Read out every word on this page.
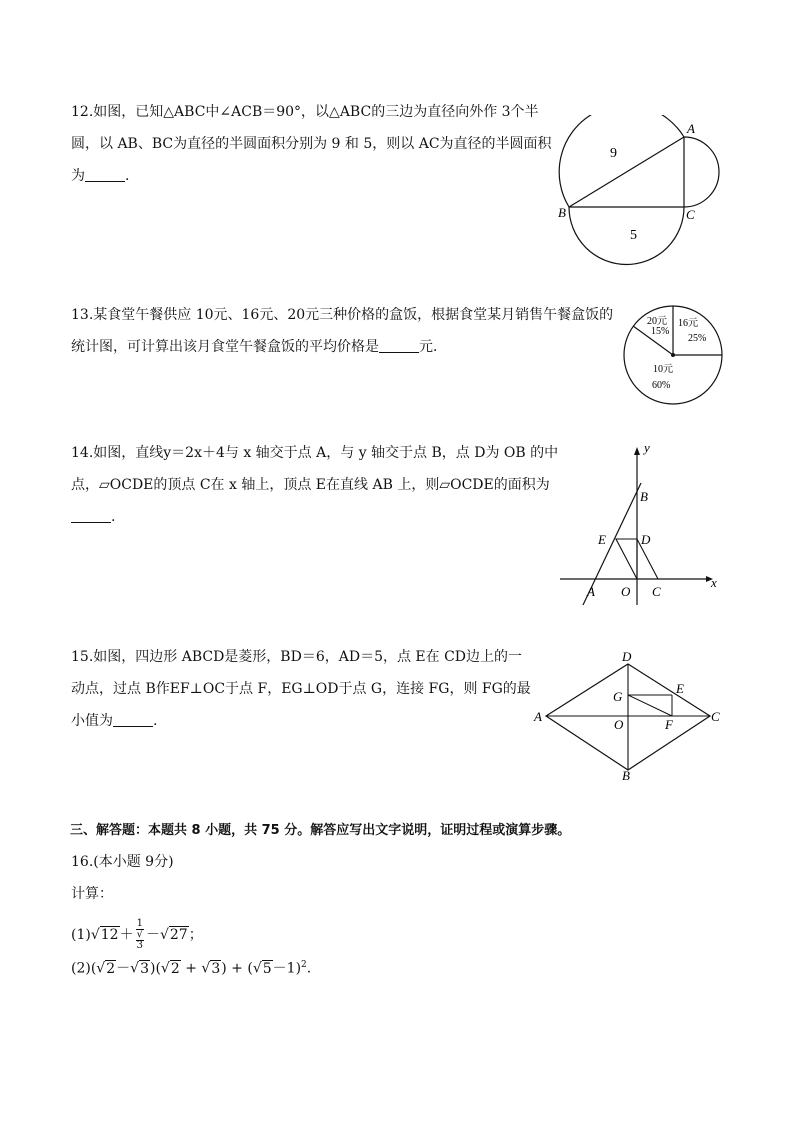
12.如图，已知△ABC中∠ACB＝90°，以△ABC的三边为直径向外作 3个半
圆，以 AB、BC为直径的半圆面积分别为 9 和 5，则以 AC为直径的半圆面积
为	.
9
5
A
B	C
13.某食堂午餐供应 10元、16元、20元三种价格的盒饭，根据食堂某月销售午餐盒饭的
统计图，可计算出该月食堂午餐盒饭的平均价格是	元．
20元
15%
16元
25%
10元
60%
14.如图，直线y＝2x＋4与 x 轴交于点 A，与 y 轴交于点 B，点 D为 OB 的中
点，▱OCDE的顶点 C在 x 轴上，顶点 E在直线 AB 上，则▱OCDE的面积为
.
y
x
B
E	D
A O C
15.如图，四边形 ABCD是菱形，BD＝6，AD＝5，点 E在 CD边上的一
动点，过点 B作EF⊥OC于点 F，EG⊥OD于点 G，连接 FG，则 FG的最
小值为	.
D
G
E
A
O	F
C
B
三、解答题：本题共 8 小题，共 75 分。解答应写出文字说明，证明过程或演算步骤。
16.(本小题 9分)
计算：
(1)√12＋ 1
√
3 －√27；
$(2)(√2-√3)(√2 + √3) + (√5-1)^2$.
